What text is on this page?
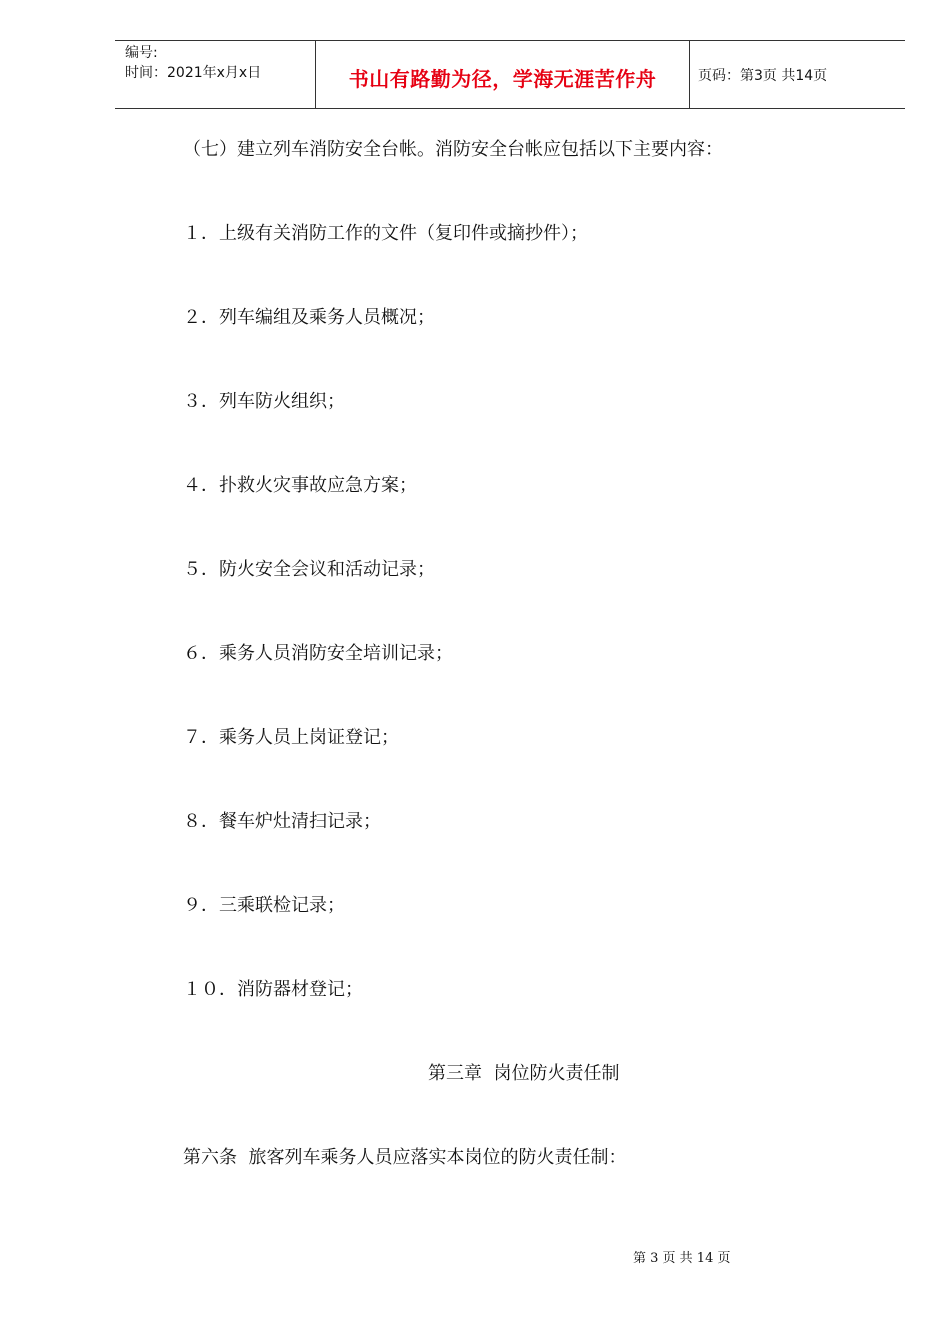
编号:
时间：2021年x月x日	书山有路勤为径，学海无涯苦作舟	页码：第3页 共14页
（七）建立列车消防安全台帐。消防安全台帐应包括以下主要内容：
１．上级有关消防工作的文件（复印件或摘抄件）；
２．列车编组及乘务人员概况；
３．列车防火组织；
４．扑救火灾事故应急方案；
５．防火安全会议和活动记录；
６．乘务人员消防安全培训记录；
７．乘务人员上岗证登记；
８．餐车炉灶清扫记录；
９．三乘联检记录；
１０．消防器材登记；
第三章  岗位防火责任制
第六条  旅客列车乘务人员应落实本岗位的防火责任制：
第 3 页 共 14 页
